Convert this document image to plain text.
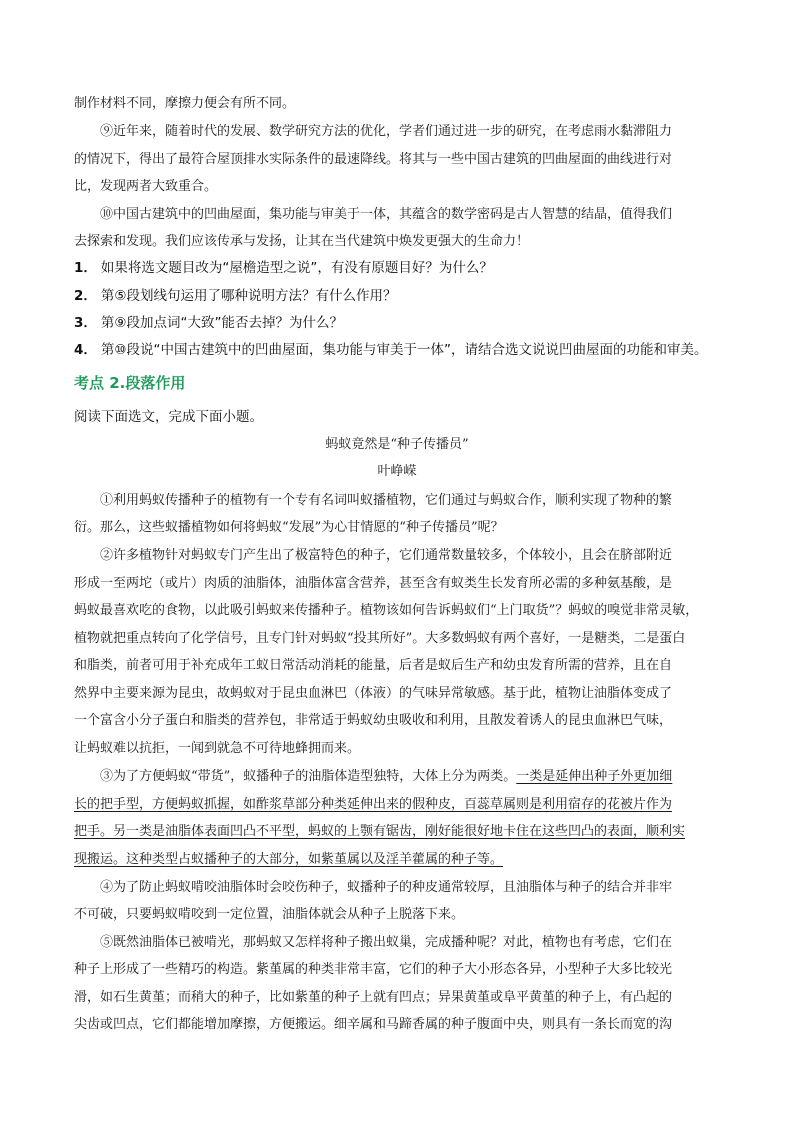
制作材料不同，摩擦力便会有所不同。
⑨近年来，随着时代的发展、数学研究方法的优化，学者们通过进一步的研究，在考虑雨水黏滞阻力
的情况下，得出了最符合屋顶排水实际条件的最速降线。将其与一些中国古建筑的凹曲屋面的曲线进行对
比，发现两者大致重合。
⑩中国古建筑中的凹曲屋面，集功能与审美于一体，其蕴含的数学密码是古人智慧的结晶，值得我们
去探索和发现。我们应该传承与发扬，让其在当代建筑中焕发更强大的生命力！
1． 如果将选文题目改为“屋檐造型之说”，有没有原题目好？为什么？
2． 第⑤段划线句运用了哪种说明方法？有什么作用？
3． 第⑨段加点词“大致”能否去掉？为什么？
4． 第⑩段说“中国古建筑中的凹曲屋面，集功能与审美于一体”，请结合选文说说凹曲屋面的功能和审美。
考点 2.段落作用
阅读下面选文，完成下面小题。
蚂蚁竟然是“种子传播员”
叶峥嵘
①利用蚂蚁传播种子的植物有一个专有名词叫蚁播植物，它们通过与蚂蚁合作，顺利实现了物种的繁
衍。那么，这些蚁播植物如何将蚂蚁“发展”为心甘情愿的“种子传播员”呢？
②许多植物针对蚂蚁专门产生出了极富特色的种子，它们通常数量较多，个体较小，且会在脐部附近
形成一至两坨（或片）肉质的油脂体，油脂体富含营养，甚至含有蚁类生长发育所必需的多种氨基酸，是
蚂蚁最喜欢吃的食物，以此吸引蚂蚁来传播种子。植物该如何告诉蚂蚁们“上门取货”？蚂蚁的嗅觉非常灵敏，
植物就把重点转向了化学信号，且专门针对蚂蚁“投其所好”。大多数蚂蚁有两个喜好，一是糖类，二是蛋白
和脂类，前者可用于补充成年工蚁日常活动消耗的能量，后者是蚁后生产和幼虫发育所需的营养，且在自
然界中主要来源为昆虫，故蚂蚁对于昆虫血淋巴（体液）的气味异常敏感。基于此，植物让油脂体变成了
一个富含小分子蛋白和脂类的营养包，非常适于蚂蚁幼虫吸收和利用，且散发着诱人的昆虫血淋巴气味，
让蚂蚁难以抗拒，一闻到就急不可待地蜂拥而来。
③为了方便蚂蚁“带货”，蚁播种子的油脂体造型独特，大体上分为两类。一类是延伸出种子外更加细
长的把手型，方便蚂蚁抓握，如酢浆草部分种类延伸出来的假种皮，百蕊草属则是利用宿存的花被片作为
把手。另一类是油脂体表面凹凸不平型，蚂蚁的上颚有锯齿，刚好能很好地卡住在这些凹凸的表面，顺利实
现搬运。这种类型占蚁播种子的大部分，如紫堇属以及淫羊藿属的种子等。
④为了防止蚂蚁啃咬油脂体时会咬伤种子，蚁播种子的种皮通常较厚，且油脂体与种子的结合并非牢
不可破，只要蚂蚁啃咬到一定位置，油脂体就会从种子上脱落下来。
⑤既然油脂体已被啃光，那蚂蚁又怎样将种子搬出蚁巢，完成播种呢？对此，植物也有考虑，它们在
种子上形成了一些精巧的构造。紫堇属的种类非常丰富，它们的种子大小形态各异，小型种子大多比较光
滑，如石生黄堇；而稍大的种子，比如紫堇的种子上就有凹点；异果黄堇或阜平黄堇的种子上，有凸起的
尖齿或凹点，它们都能增加摩擦，方便搬运。细辛属和马蹄香属的种子腹面中央，则具有一条长而宽的沟
